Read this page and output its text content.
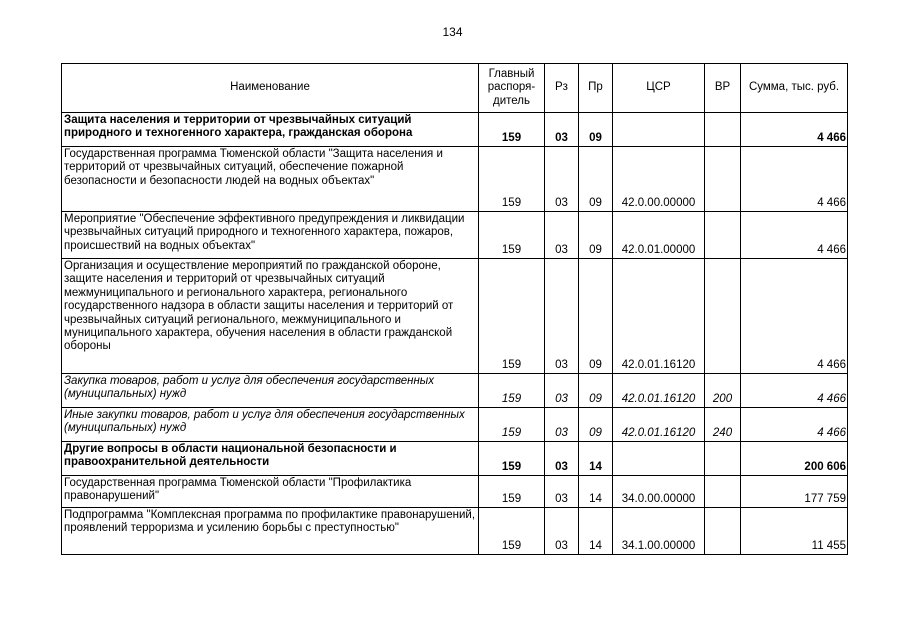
134
Наименование	Главный распоря-дитель	Рз	Пр	ЦСР	ВР	Сумма, тыс. руб.
Защита населения и территории от чрезвычайных ситуаций природного и техногенного характера, гражданская оборона	159	03	09			4 466
Государственная программа Тюменской области "Защита населения и территорий от чрезвычайных ситуаций, обеспечение пожарной безопасности и безопасности людей на водных объектах"	159	03	09	42.0.00.00000		4 466
Мероприятие "Обеспечение эффективного предупреждения и ликвидации чрезвычайных ситуаций природного и техногенного характера, пожаров, происшествий на водных объектах"	159	03	09	42.0.01.00000		4 466
Организация и осуществление мероприятий по гражданской обороне, защите населения и территорий от чрезвычайных ситуаций межмуниципального и регионального характера, регионального государственного надзора в области защиты населения и территорий от чрезвычайных ситуаций регионального, межмуниципального и муниципального характера, обучения населения в области гражданской обороны	159	03	09	42.0.01.16120		4 466
Закупка товаров, работ и услуг для обеспечения государственных (муниципальных) нужд	159	03	09	42.0.01.16120	200	4 466
Иные закупки товаров, работ и услуг для обеспечения государственных (муниципальных) нужд	159	03	09	42.0.01.16120	240	4 466
Другие вопросы в области национальной безопасности и правоохранительной деятельности	159	03	14			200 606
Государственная программа Тюменской области "Профилактика правонарушений"	159	03	14	34.0.00.00000		177 759
Подпрограмма "Комплексная программа по профилактике правонарушений, проявлений терроризма и усилению борьбы с преступностью"	159	03	14	34.1.00.00000		11 455
